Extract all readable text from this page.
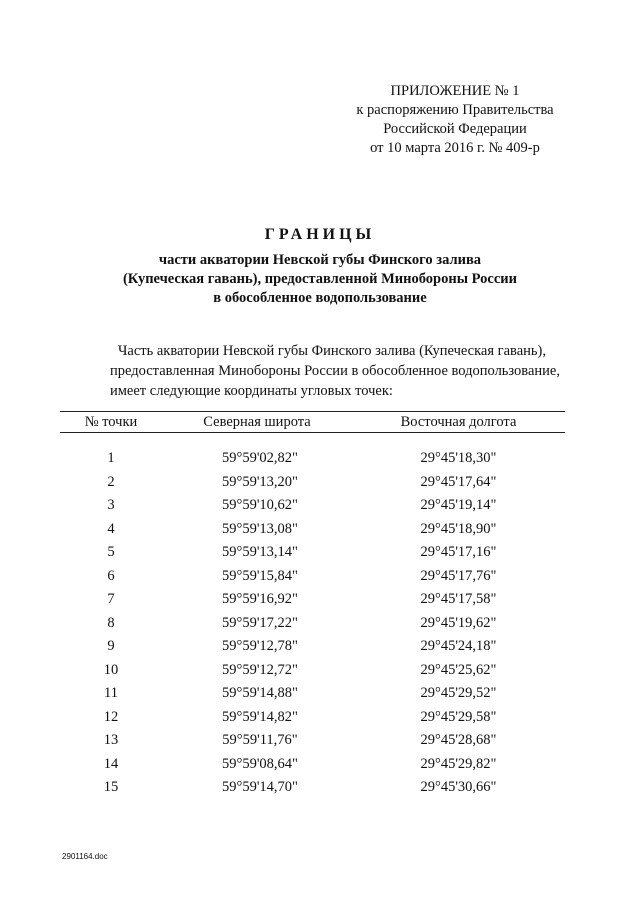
ПРИЛОЖЕНИЕ № 1
к распоряжению Правительства
Российской Федерации
от 10 марта 2016 г. № 409-р
ГРАНИЦЫ
части акватории Невской губы Финского залива
(Купеческая гавань), предоставленной Минобороны России
в обособленное водопользование
Часть акватории Невской губы Финского залива (Купеческая гавань),
предоставленная Минобороны России в обособленное водопользование,
имеет следующие координаты угловых точек:
№ точки	Северная широта	Восточная долгота
1	59°59'02,82"	29°45'18,30"
2	59°59'13,20"	29°45'17,64"
3	59°59'10,62"	29°45'19,14"
4	59°59'13,08"	29°45'18,90"
5	59°59'13,14"	29°45'17,16"
6	59°59'15,84"	29°45'17,76"
7	59°59'16,92"	29°45'17,58"
8	59°59'17,22"	29°45'19,62"
9	59°59'12,78"	29°45'24,18"
10	59°59'12,72"	29°45'25,62"
11	59°59'14,88"	29°45'29,52"
12	59°59'14,82"	29°45'29,58"
13	59°59'11,76"	29°45'28,68"
14	59°59'08,64"	29°45'29,82"
15	59°59'14,70"	29°45'30,66"
2901164.doc
